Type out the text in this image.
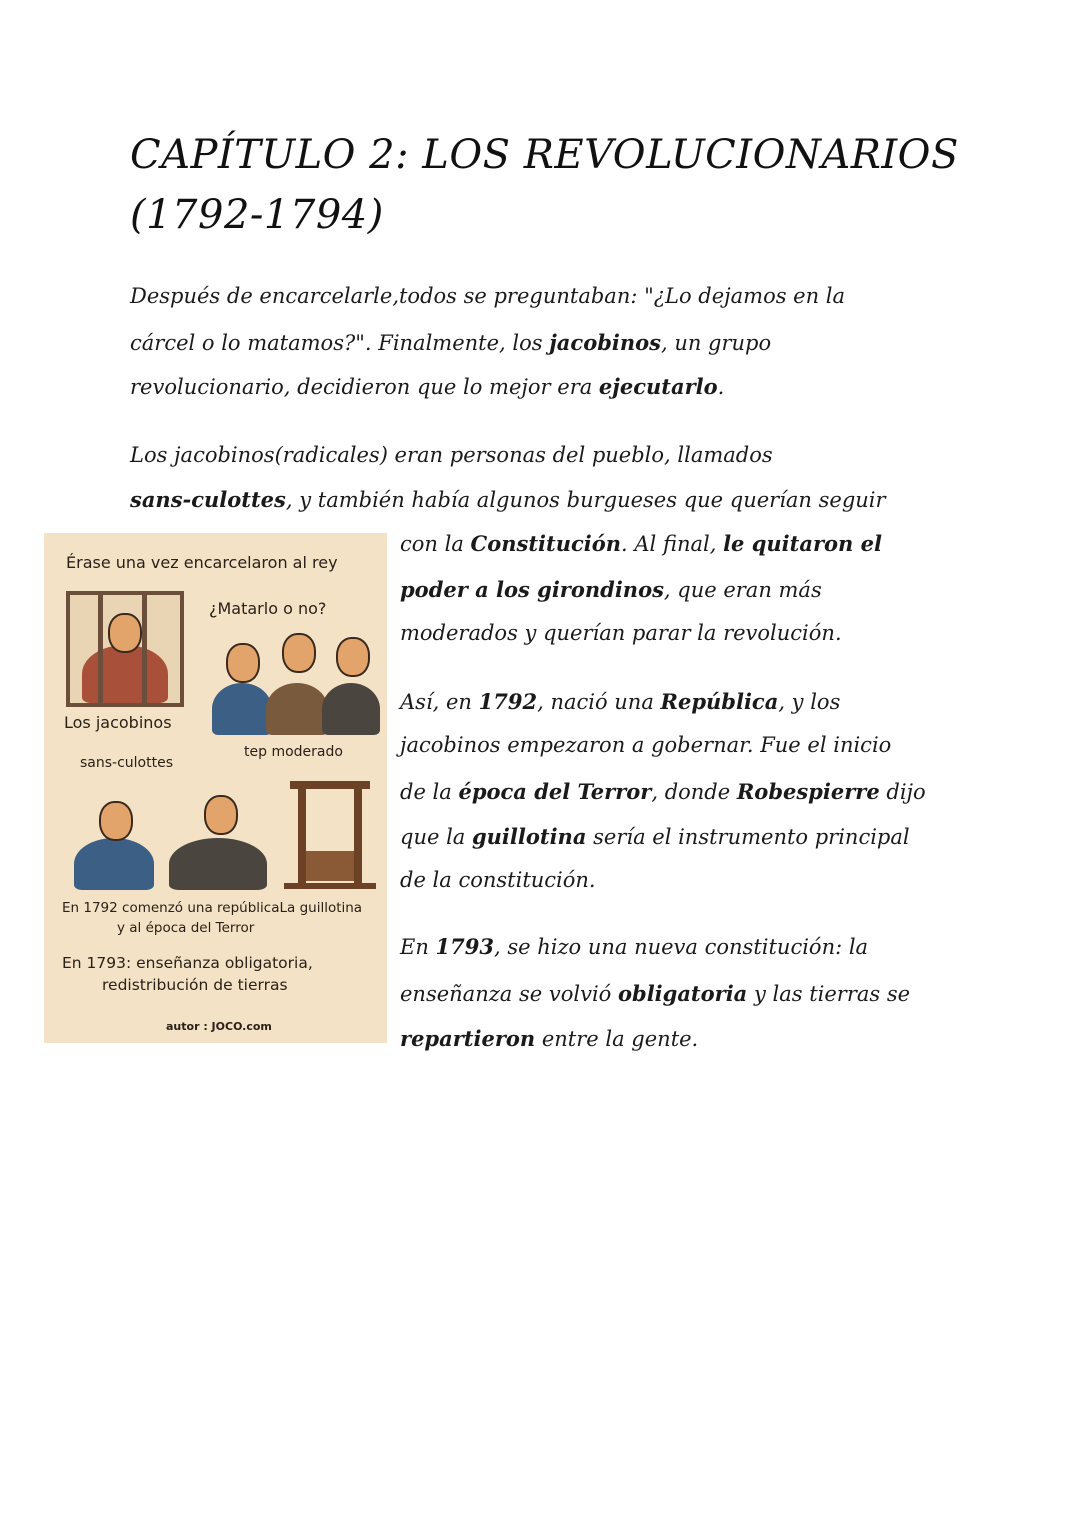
CAPÍTULO 2: LOS REVOLUCIONARIOS
(1792-1794)
Después de encarcelarle,todos se preguntaban: "¿Lo dejamos en la
cárcel o lo matamos?". Finalmente, los jacobinos, un grupo
revolucionario, decidieron que lo mejor era ejecutarlo.
Los jacobinos(radicales) eran personas del pueblo, llamados
sans-culottes, y también había algunos burgueses que querían seguir
con la Constitución. Al final, le quitaron el
poder a los girondinos, que eran más
moderados y querían parar la revolución.
Así, en 1792, nació una República, y los
jacobinos empezaron a gobernar. Fue el inicio
de la época del Terror, donde Robespierre dijo
que la guillotina sería el instrumento principal
de la constitución.
En 1793, se hizo una nueva constitución: la
enseñanza se volvió obligatoria y las tierras se
repartieron entre la gente.
Érase una vez encarcelaron al rey
¿Matarlo o no?
Los jacobinos
tep moderado
sans-culottes
En 1792 comenzó una repúblicaLa guillotina
y al época del Terror
En 1793: enseñanza obligatoria,
redistribución de tierras
autor : JOCO.com
